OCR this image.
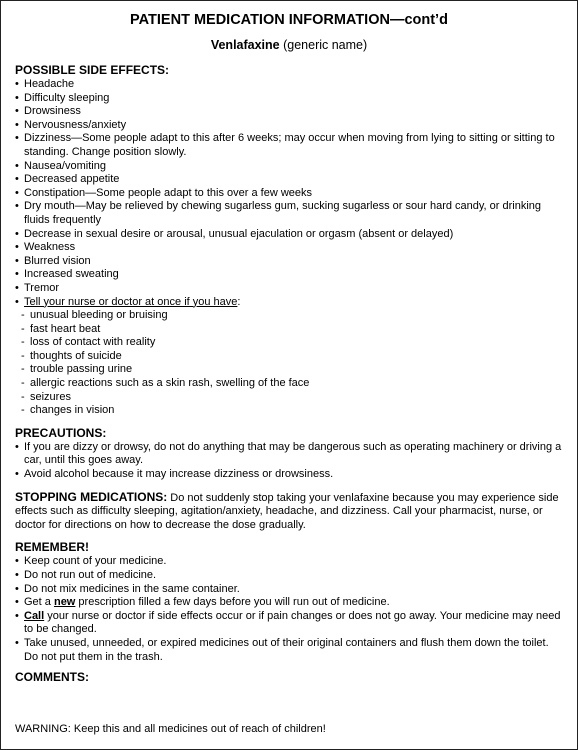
PATIENT MEDICATION INFORMATION—cont’d
Venlafaxine (generic name)
POSSIBLE SIDE EFFECTS:
• Headache
• Difficulty sleeping
• Drowsiness
• Nervousness/anxiety
• Dizziness—Some people adapt to this after 6 weeks; may occur when moving from lying to sitting or sitting to standing. Change position slowly.
• Nausea/vomiting
• Decreased appetite
• Constipation—Some people adapt to this over a few weeks
• Dry mouth—May be relieved by chewing sugarless gum, sucking sugarless or sour hard candy, or drinking fluids frequently
• Decrease in sexual desire or arousal, unusual ejaculation or orgasm (absent or delayed)
• Weakness
• Blurred vision
• Increased sweating
• Tremor
• Tell your nurse or doctor at once if you have:
- unusual bleeding or bruising
- fast heart beat
- loss of contact with reality
- thoughts of suicide
- trouble passing urine
- allergic reactions such as a skin rash, swelling of the face
- seizures
- changes in vision
PRECAUTIONS:
• If you are dizzy or drowsy, do not do anything that may be dangerous such as operating machinery or driving a car, until this goes away.
• Avoid alcohol because it may increase dizziness or drowsiness.
STOPPING MEDICATIONS: Do not suddenly stop taking your venlafaxine because you may experience side effects such as difficulty sleeping, agitation/anxiety, headache, and dizziness. Call your pharmacist, nurse, or doctor for directions on how to decrease the dose gradually.
REMEMBER!
• Keep count of your medicine.
• Do not run out of medicine.
• Do not mix medicines in the same container.
• Get a new prescription filled a few days before you will run out of medicine.
• Call your nurse or doctor if side effects occur or if pain changes or does not go away. Your medicine may need to be changed.
• Take unused, unneeded, or expired medicines out of their original containers and flush them down the toilet. Do not put them in the trash.
COMMENTS:
WARNING: Keep this and all medicines out of reach of children!
